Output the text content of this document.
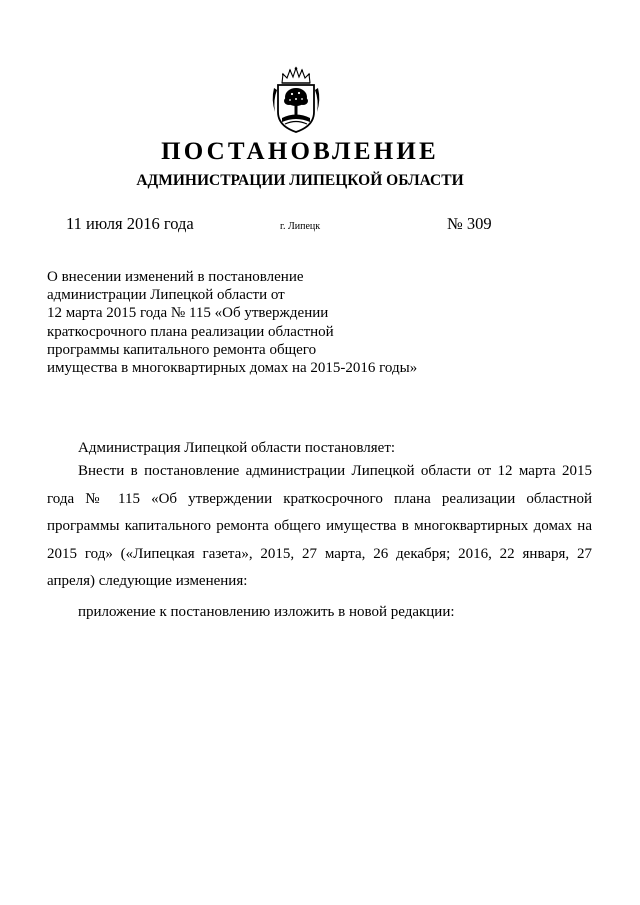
ПОСТАНОВЛЕНИЕ
АДМИНИСТРАЦИИ ЛИПЕЦКОЙ ОБЛАСТИ
11 июля 2016 года	г. Липецк	№ 309
О внесении изменений в постановление
администрации Липецкой области от
12 марта 2015 года № 115 «Об утверждении
краткосрочного плана реализации областной
программы капитального ремонта общего
имущества в многоквартирных домах на 2015-2016 годы»
Администрация Липецкой области постановляет:
Внести в постановление администрации Липецкой области от 12 марта 2015
года № 115 «Об утверждении краткосрочного плана реализации областной
программы капитального ремонта общего имущества в многоквартирных домах на
2015 год» («Липецкая газета», 2015, 27 марта, 26 декабря; 2016, 22 января, 27
апреля) следующие изменения:
приложение к постановлению изложить в новой редакции:
